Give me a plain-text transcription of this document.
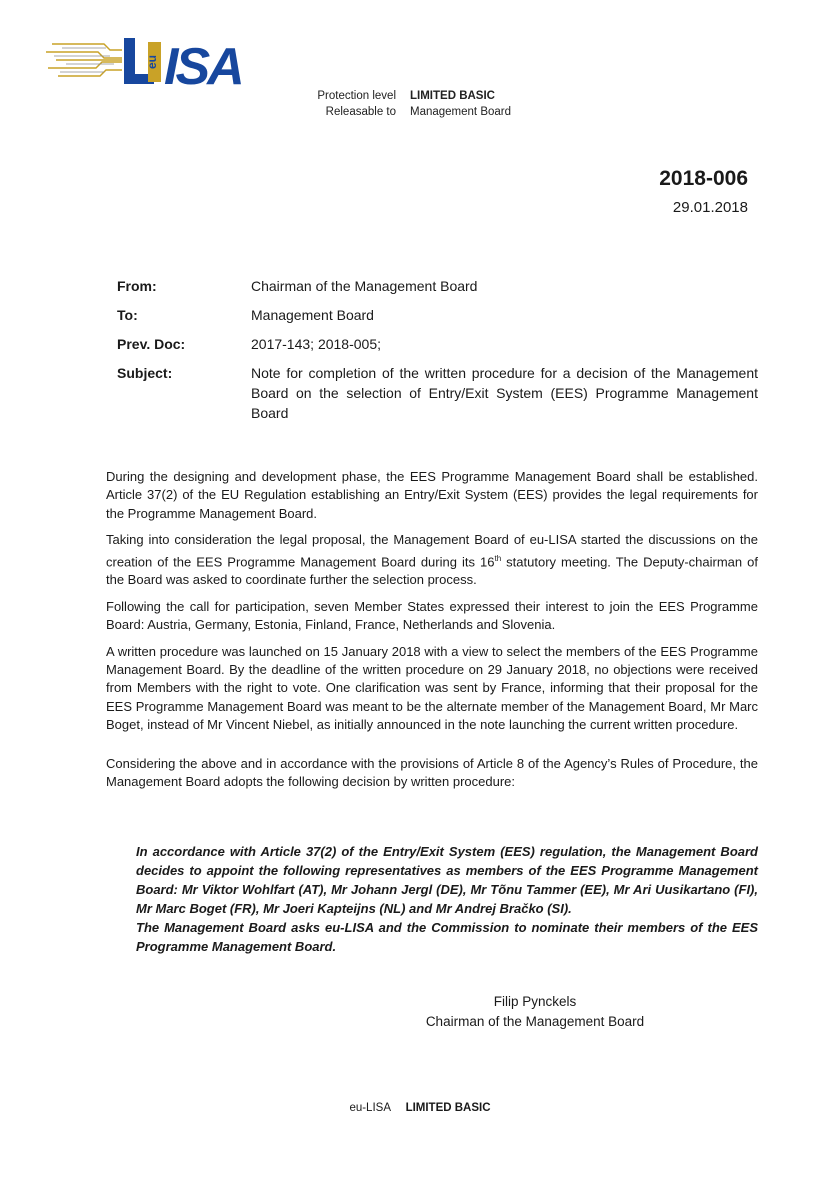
eu ISA	Protection level	LIMITED BASIC
Releasable to	Management Board
2018-006
29.01.2018
From:	Chairman of the Management Board
To:	Management Board
Prev. Doc:	2017-143; 2018-005;
Subject:	Note for completion of the written procedure for a decision of the Management Board on the selection of Entry/Exit System (EES) Programme Management Board

During the designing and development phase, the EES Programme Management Board shall be established. Article 37(2) of the EU Regulation establishing an Entry/Exit System (EES) provides the legal requirements for the Programme Management Board.

Taking into consideration the legal proposal, the Management Board of eu-LISA started the discussions on the creation of the EES Programme Management Board during its 16th statutory meeting. The Deputy-chairman of the Board was asked to coordinate further the selection process.

Following the call for participation, seven Member States expressed their interest to join the EES Programme Board: Austria, Germany, Estonia, Finland, France, Netherlands and Slovenia.

A written procedure was launched on 15 January 2018 with a view to select the members of the EES Programme Management Board. By the deadline of the written procedure on 29 January 2018, no objections were received from Members with the right to vote. One clarification was sent by France, informing that their proposal for the EES Programme Management Board was meant to be the alternate member of the Management Board, Mr Marc Boget, instead of Mr Vincent Niebel, as initially announced in the note launching the current written procedure.

Considering the above and in accordance with the provisions of Article 8 of the Agency’s Rules of Procedure, the Management Board adopts the following decision by written procedure:

In accordance with Article 37(2) of the Entry/Exit System (EES) regulation, the Management Board decides to appoint the following representatives as members of the EES Programme Management Board: Mr Viktor Wohlfart (AT), Mr Johann Jergl (DE), Mr Tõnu Tammer (EE), Mr Ari Uusikartano (FI), Mr Marc Boget (FR), Mr Joeri Kapteijns (NL) and Mr Andrej Bračko (SI).

The Management Board asks eu-LISA and the Commission to nominate their members of the EES Programme Management Board.

Filip Pynckels
Chairman of the Management Board
eu-LISA LIMITED BASIC
